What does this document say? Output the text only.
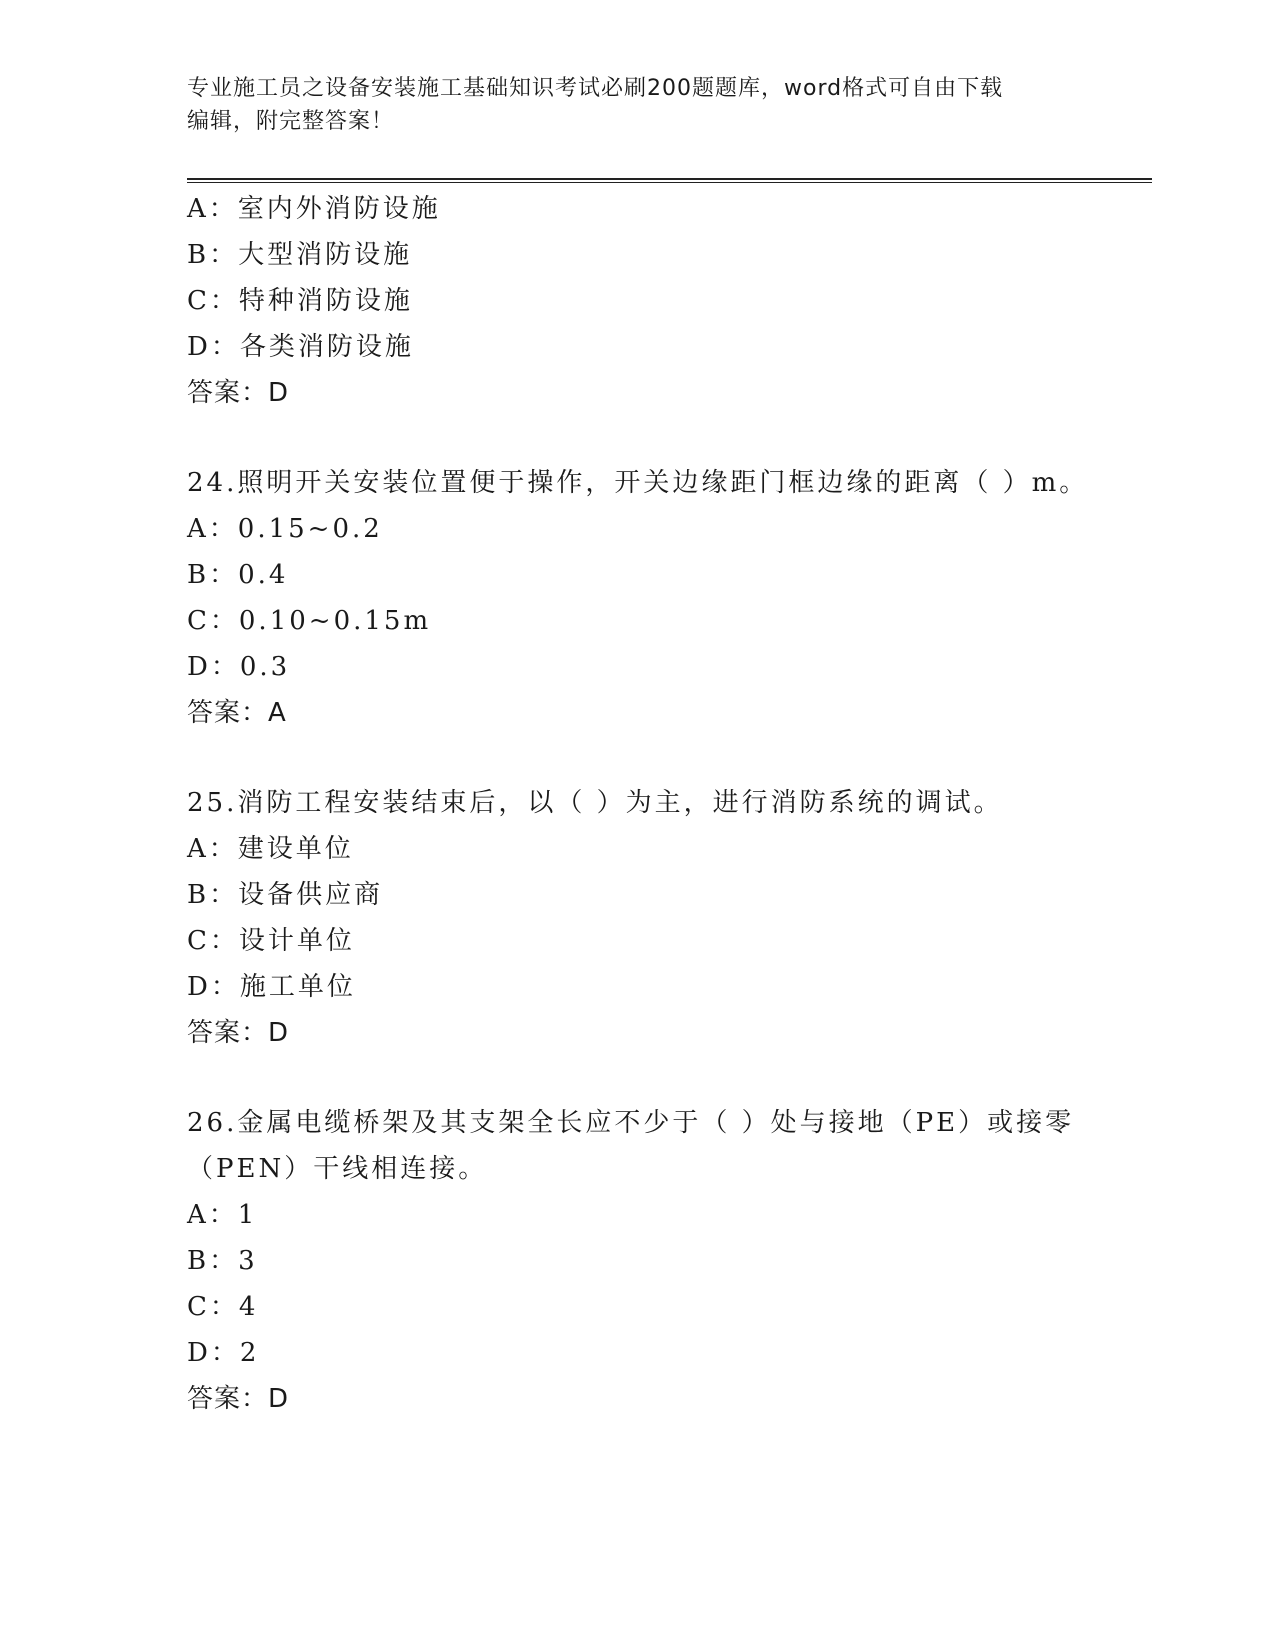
专业施工员之设备安装施工基础知识考试必刷200题题库，word格式可自由下载
编辑，附完整答案！
A：室内外消防设施
B：大型消防设施
C：特种消防设施
D：各类消防设施
答案：D
24.照明开关安装位置便于操作，开关边缘距门框边缘的距离（ ）m。
A：0.15~0.2
B：0.4
C：0.10~0.15m
D：0.3
答案：A
25.消防工程安装结束后，以（ ）为主，进行消防系统的调试。
A：建设单位
B：设备供应商
C：设计单位
D：施工单位
答案：D
26.金属电缆桥架及其支架全长应不少于（ ）处与接地（PE）或接零
（PEN）干线相连接。
A：1
B：3
C：4
D：2
答案：D
